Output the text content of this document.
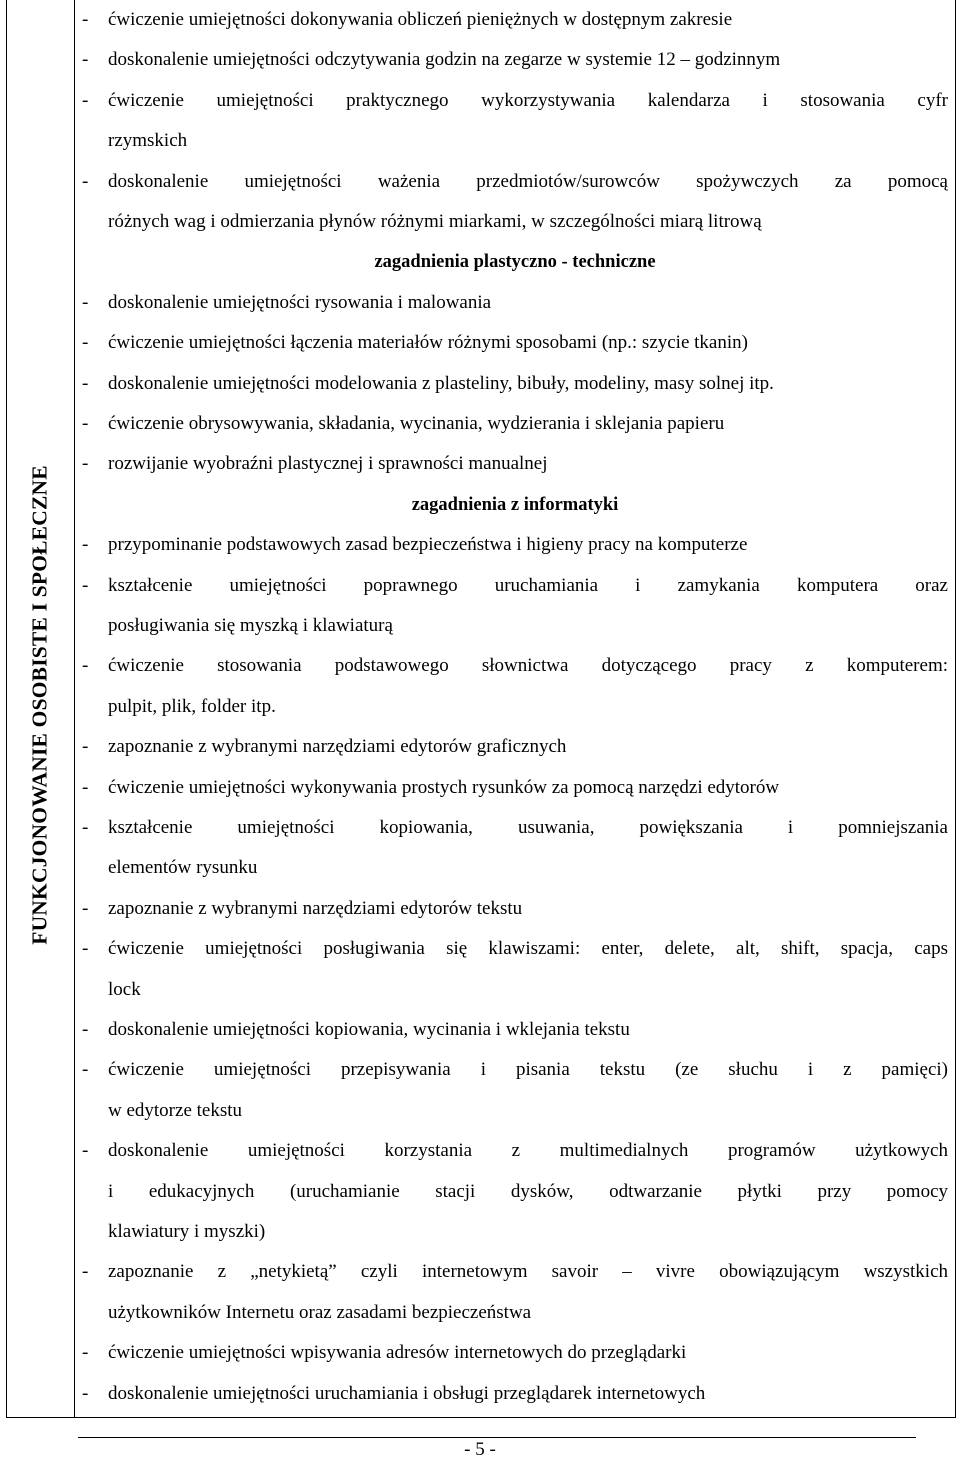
FUNKCJONOWANIE OSOBISTE I SPOŁECZNE
- ćwiczenie umiejętności dokonywania obliczeń pieniężnych w dostępnym zakresie
- doskonalenie umiejętności odczytywania godzin na zegarze w systemie 12 – godzinnym
- ćwiczenie umiejętności praktycznego wykorzystywania kalendarza i stosowania cyfr
rzymskich
- doskonalenie umiejętności ważenia przedmiotów/surowców spożywczych za pomocą
różnych wag i odmierzania płynów różnymi miarkami, w szczególności miarą litrową
zagadnienia plastyczno - techniczne
- doskonalenie umiejętności rysowania i malowania
- ćwiczenie umiejętności łączenia materiałów różnymi sposobami (np.: szycie tkanin)
- doskonalenie umiejętności modelowania z plasteliny, bibuły, modeliny, masy solnej itp.
- ćwiczenie obrysowywania, składania, wycinania, wydzierania i sklejania papieru
- rozwijanie wyobraźni plastycznej i sprawności manualnej
zagadnienia z informatyki
- przypominanie podstawowych zasad bezpieczeństwa i higieny pracy na komputerze
- kształcenie umiejętności poprawnego uruchamiania i zamykania komputera oraz
posługiwania się myszką i klawiaturą
- ćwiczenie stosowania podstawowego słownictwa dotyczącego pracy z komputerem:
pulpit, plik, folder itp.
- zapoznanie z wybranymi narzędziami edytorów graficznych
- ćwiczenie umiejętności wykonywania prostych rysunków za pomocą narzędzi edytorów
- kształcenie umiejętności kopiowania, usuwania, powiększania i pomniejszania
elementów rysunku
- zapoznanie z wybranymi narzędziami edytorów tekstu
- ćwiczenie umiejętności posługiwania się klawiszami: enter, delete, alt, shift, spacja, caps
lock
- doskonalenie umiejętności kopiowania, wycinania i wklejania tekstu
- ćwiczenie umiejętności przepisywania i pisania tekstu (ze słuchu i z pamięci)
w edytorze tekstu
- doskonalenie umiejętności korzystania z multimedialnych programów użytkowych
i edukacyjnych (uruchamianie stacji dysków, odtwarzanie płytki przy pomocy
klawiatury i myszki)
- zapoznanie z „netykietą” czyli internetowym savoir – vivre obowiązującym wszystkich
użytkowników Internetu oraz zasadami bezpieczeństwa
- ćwiczenie umiejętności wpisywania adresów internetowych do przeglądarki
- doskonalenie umiejętności uruchamiania i obsługi przeglądarek internetowych
- 5 -
